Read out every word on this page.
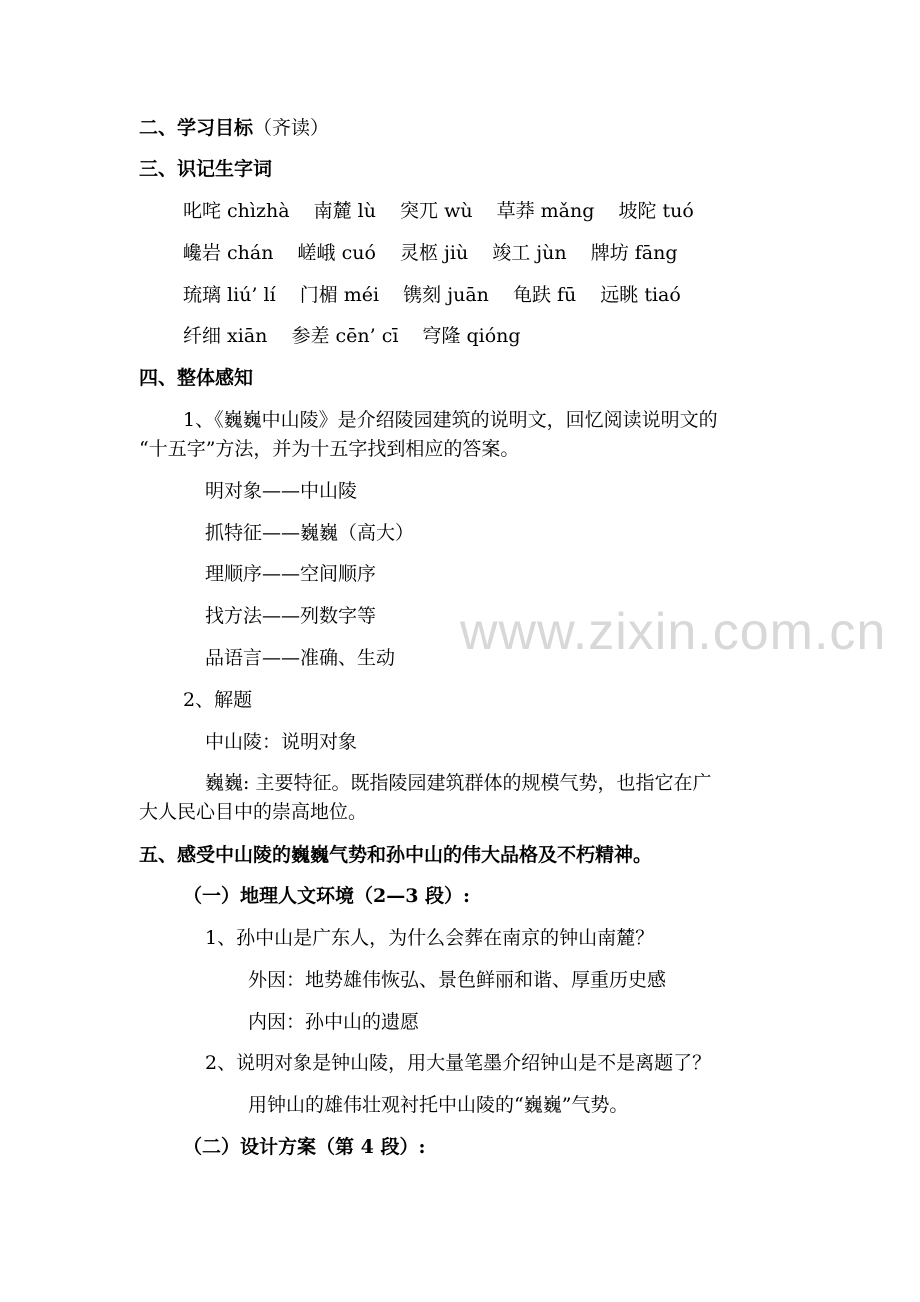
www.zixin.com.cn
二、学习目标（齐读）
三、识记生字词
叱咤 chìzhà 南麓 lù 突兀 wù 草莽 mǎng 坡陀 tuó
巉岩 chán 嵯峨 cuó 灵柩 jiù 竣工 jùn 牌坊 fāng
琉璃 liú’ lí 门楣 méi 镌刻 juān 龟趺 fū 远眺 tiaó
纤细 xiān 参差 cēn’ cī 穹隆 qióng
四、整体感知
1、《巍巍中山陵》是介绍陵园建筑的说明文，回忆阅读说明文的
“十五字”方法，并为十五字找到相应的答案。
明对象——中山陵
抓特征——巍巍（高大）
理顺序——空间顺序
找方法——列数字等
品语言——准确、生动
2、解题
中山陵：说明对象
巍巍: 主要特征。既指陵园建筑群体的规模气势，也指它在广
大人民心目中的崇高地位。
五、感受中山陵的巍巍气势和孙中山的伟大品格及不朽精神。
（一）地理人文环境（2—3 段）:
1、孙中山是广东人，为什么会葬在南京的钟山南麓？
外因：地势雄伟恢弘、景色鲜丽和谐、厚重历史感
内因：孙中山的遗愿
2、说明对象是钟山陵，用大量笔墨介绍钟山是不是离题了？
用钟山的雄伟壮观衬托中山陵的“巍巍”气势。
（二）设计方案（第 4 段）:
